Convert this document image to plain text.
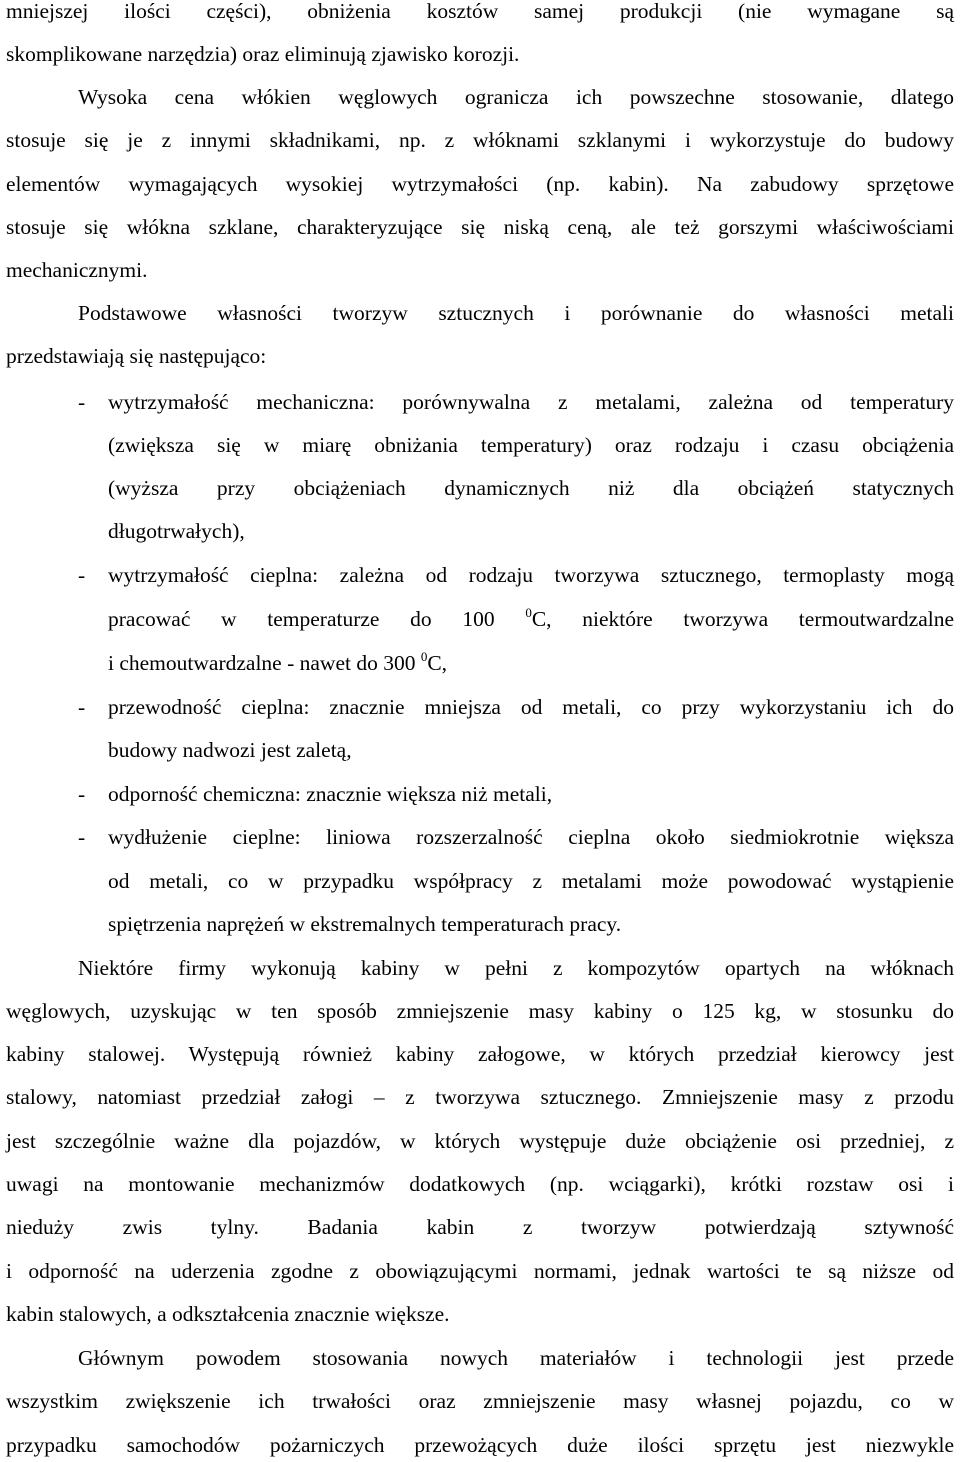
mniejszej ilości części), obniżenia kosztów samej produkcji (nie wymagane są

skomplikowane narzędzia) oraz eliminują zjawisko korozji.

Wysoka cena włókien węglowych ogranicza ich powszechne stosowanie, dlatego

stosuje się je z innymi składnikami, np. z włóknami szklanymi i wykorzystuje do budowy

elementów wymagających wysokiej wytrzymałości (np. kabin). Na zabudowy sprzętowe

stosuje się włókna szklane, charakteryzujące się niską ceną, ale też gorszymi właściwościami

mechanicznymi.

Podstawowe własności tworzyw sztucznych i porównanie do własności metali

przedstawiają się następująco:

- wytrzymałość mechaniczna: porównywalna z metalami, zależna od temperatury

(zwiększa się w miarę obniżania temperatury) oraz rodzaju i czasu obciążenia

(wyższa przy obciążeniach dynamicznych niż dla obciążeń statycznych

długotrwałych),

- wytrzymałość cieplna: zależna od rodzaju tworzywa sztucznego, termoplasty mogą

pracować w temperaturze do 100 $^0$C, niektóre tworzywa termoutwardzalne

i chemoutwardzalne - nawet do 300 $^0$C,

- przewodność cieplna: znacznie mniejsza od metali, co przy wykorzystaniu ich do

budowy nadwozi jest zaletą,

- odporność chemiczna: znacznie większa niż metali,
- wydłużenie cieplne: liniowa rozszerzalność cieplna około siedmiokrotnie większa

od metali, co w przypadku współpracy z metalami może powodować wystąpienie

spiętrzenia naprężeń w ekstremalnych temperaturach pracy.

Niektóre firmy wykonują kabiny w pełni z kompozytów opartych na włóknach

węglowych, uzyskując w ten sposób zmniejszenie masy kabiny o 125 kg, w stosunku do

kabiny stalowej. Występują również kabiny załogowe, w których przedział kierowcy jest

stalowy, natomiast przedział załogi – z tworzywa sztucznego. Zmniejszenie masy z przodu

jest szczególnie ważne dla pojazdów, w których występuje duże obciążenie osi przedniej, z

uwagi na montowanie mechanizmów dodatkowych (np. wciągarki), krótki rozstaw osi i

nieduży zwis tylny. Badania kabin z tworzyw potwierdzają sztywność

i odporność na uderzenia zgodne z obowiązującymi normami, jednak wartości te są niższe od

kabin stalowych, a odkształcenia znacznie większe.

Głównym powodem stosowania nowych materiałów i technologii jest przede

wszystkim zwiększenie ich trwałości oraz zmniejszenie masy własnej pojazdu, co w

przypadku samochodów pożarniczych przewożących duże ilości sprzętu jest niezwykle
